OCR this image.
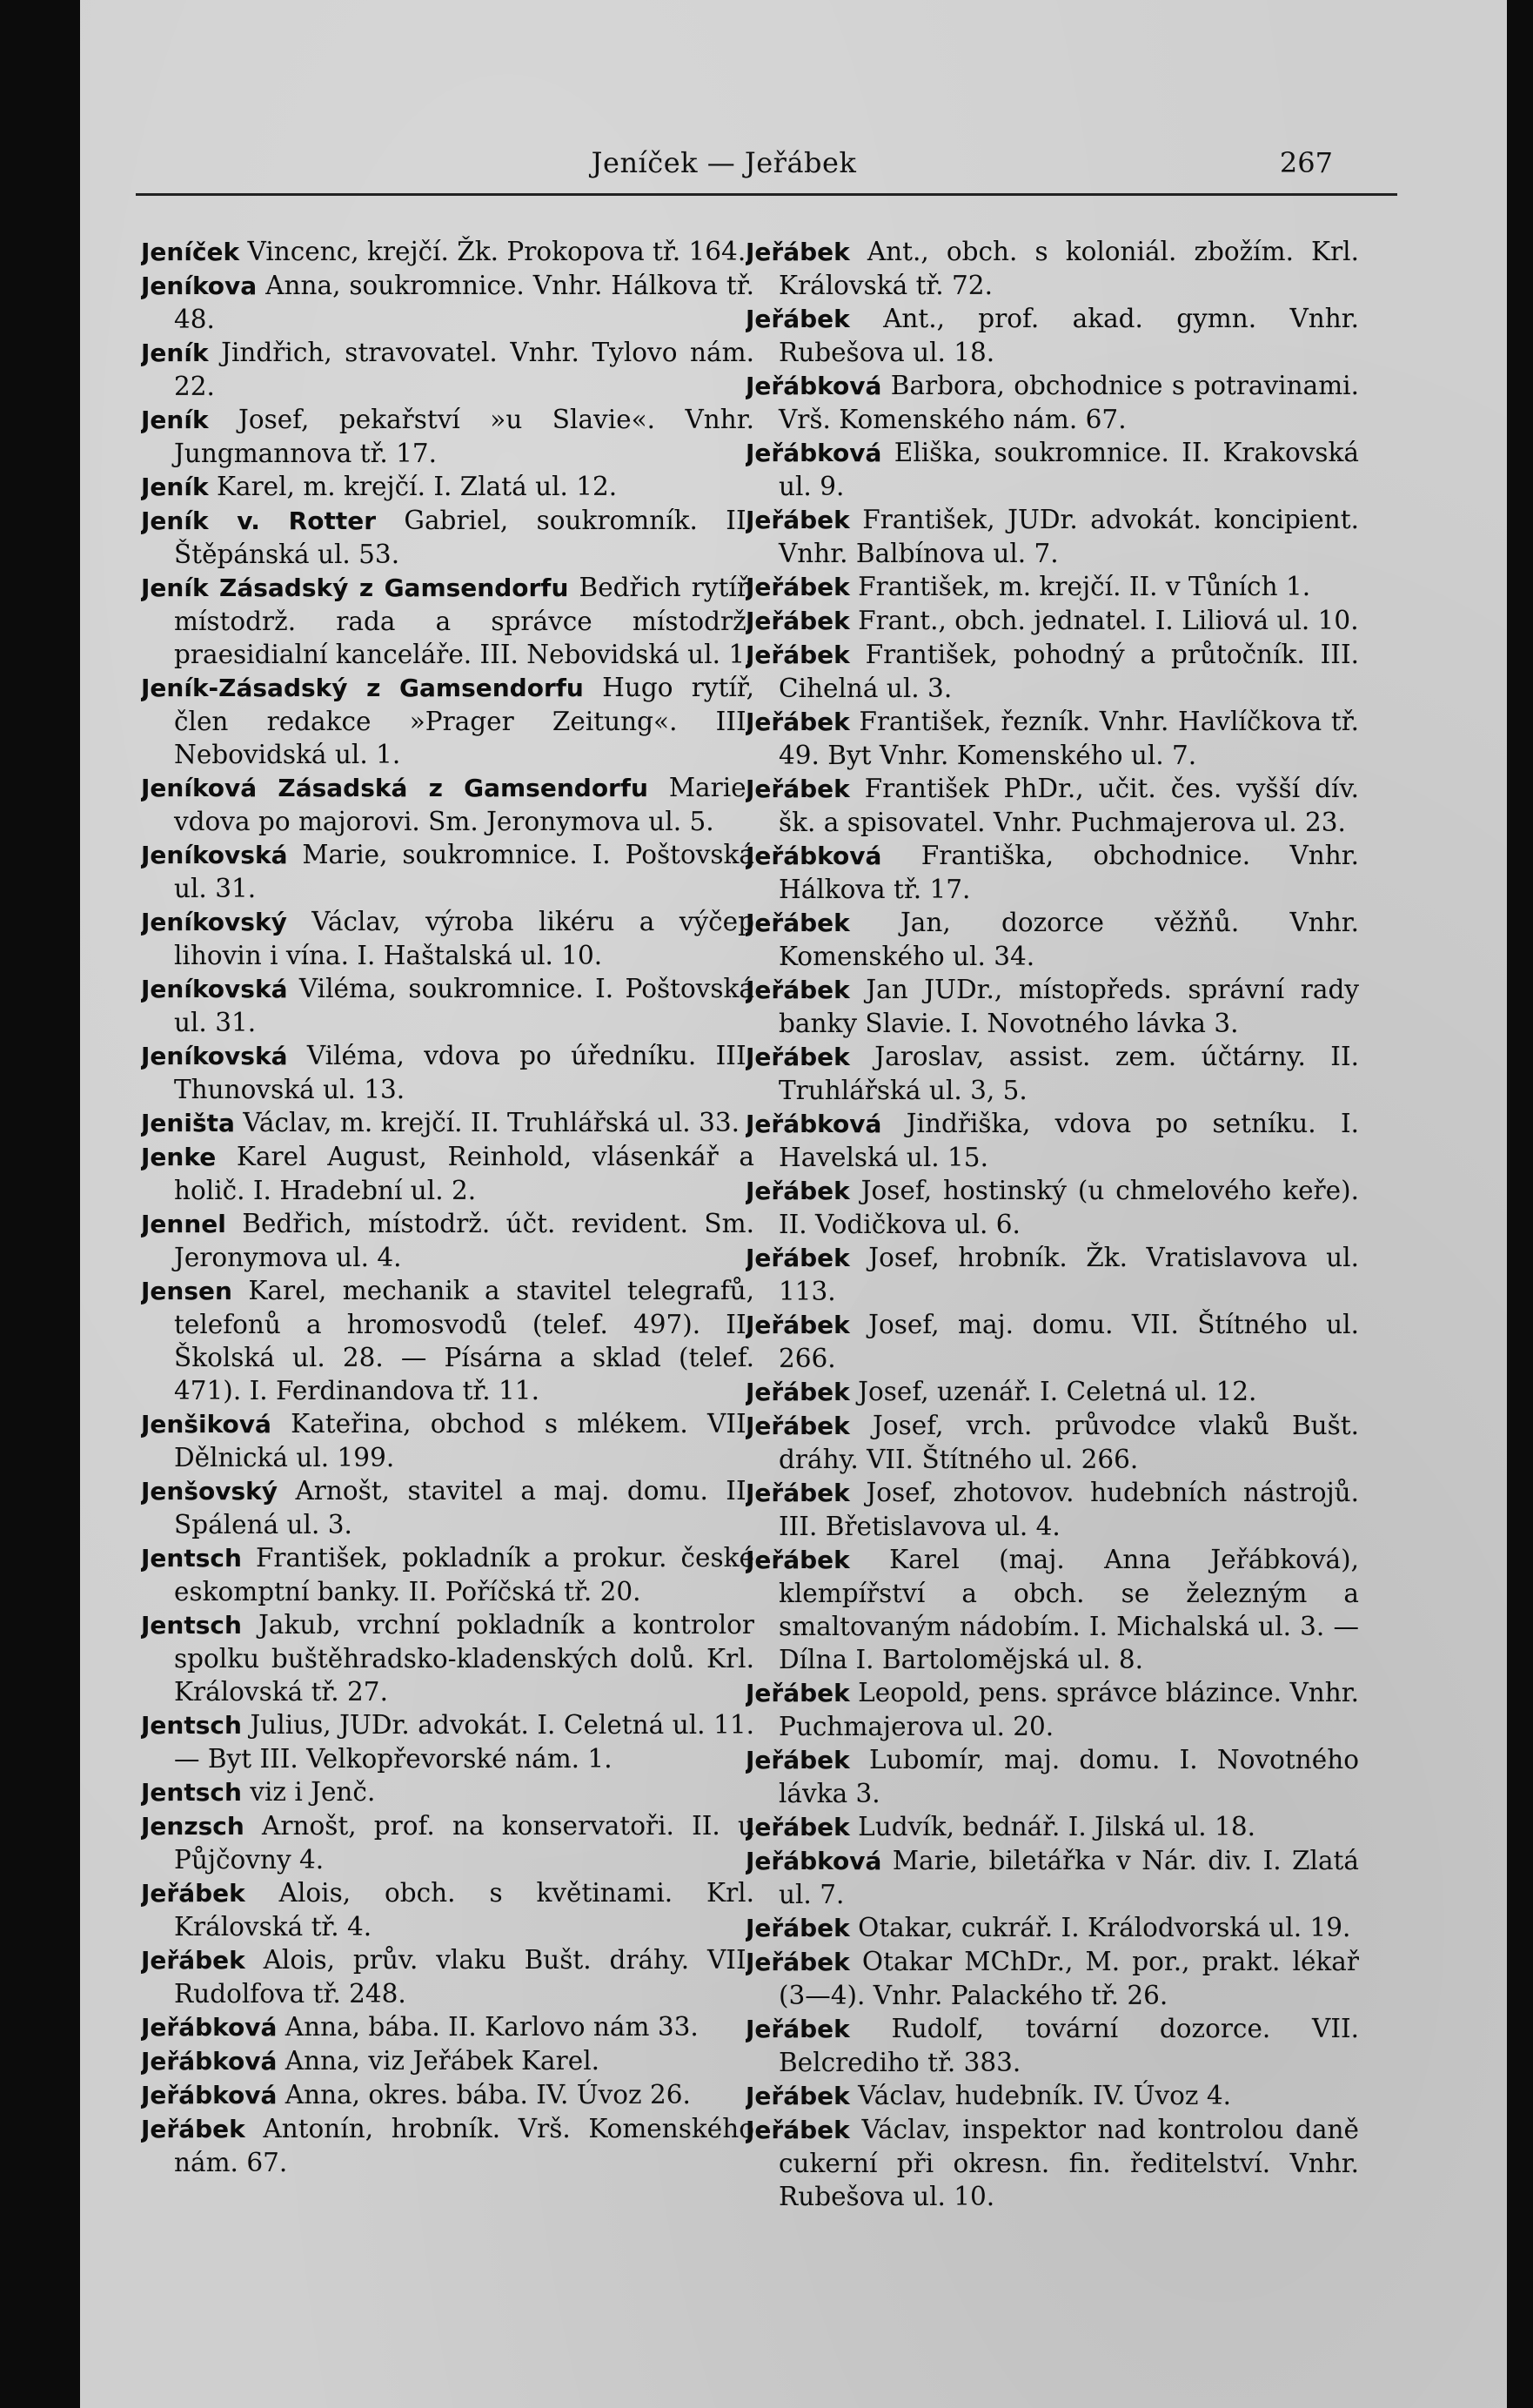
Jeníček — Jeřábek	267

Jeníček Vincenc, krejčí. Žk. Prokopova tř. 164.

Jeníkova Anna, soukromnice. Vnhr. Hálkova tř. 48.

Jeník Jindřich, stravovatel. Vnhr. Tylovo nám. 22.

Jeník Josef, pekařství »u Slavie«. Vnhr. Jungmannova tř. 17.

Jeník Karel, m. krejčí. I. Zlatá ul. 12.

Jeník v. Rotter Gabriel, soukromník. II. Štěpánská ul. 53.

Jeník Zásadský z Gamsendorfu Bedřich rytíř, místodrž. rada a správce místodrž. praesidialní kanceláře. III. Nebovidská ul. 1.

Jeník-Zásadský z Gamsendorfu Hugo rytíř, člen redakce »Prager Zeitung«. III. Nebovidská ul. 1.

Jeníková Zásadská z Gamsendorfu Marie, vdova po majorovi. Sm. Jeronymova ul. 5.

Jeníkovská Marie, soukromnice. I. Poštovská ul. 31.

Jeníkovský Václav, výroba likéru a výčep lihovin i vína. I. Haštalská ul. 10.

Jeníkovská Viléma, soukromnice. I. Poštovská ul. 31.

Jeníkovská Viléma, vdova po úředníku. III. Thunovská ul. 13.

Jeništa Václav, m. krejčí. II. Truhlářská ul. 33.

Jenke Karel August, Reinhold, vlásenkář a holič. I. Hradební ul. 2.

Jennel Bedřich, místodrž. účt. revident. Sm. Jeronymova ul. 4.

Jensen Karel, mechanik a stavitel telegrafů, telefonů a hromosvodů (telef. 497). II. Školská ul. 28. — Písárna a sklad (telef. 471). I. Ferdinandova tř. 11.

Jenšiková Kateřina, obchod s mlékem. VII. Dělnická ul. 199.

Jenšovský Arnošt, stavitel a maj. domu. II. Spálená ul. 3.

Jentsch František, pokladník a prokur. české eskomptní banky. II. Poříčská tř. 20.

Jentsch Jakub, vrchní pokladník a kontrolor spolku buštěhradsko-kladenských dolů. Krl. Královská tř. 27.

Jentsch Julius, JUDr. advokát. I. Celetná ul. 11. — Byt III. Velkopřevorské nám. 1.

Jentsch viz i Jenč.

Jenzsch Arnošt, prof. na konservatoři. II. u Půjčovny 4.

Jeřábek Alois, obch. s květinami. Krl. Královská tř. 4.

Jeřábek Alois, prův. vlaku Bušt. dráhy. VII. Rudolfova tř. 248.

Jeřábková Anna, bába. II. Karlovo nám 33.

Jeřábková Anna, viz Jeřábek Karel.

Jeřábková Anna, okres. bába. IV. Úvoz 26.

Jeřábek Antonín, hrobník. Vrš. Komenského nám. 67.

Jeřábek Ant., obch. s koloniál. zbožím. Krl. Královská tř. 72.

Jeřábek Ant., prof. akad. gymn. Vnhr. Rubešova ul. 18.

Jeřábková Barbora, obchodnice s potravinami. Vrš. Komenského nám. 67.

Jeřábková Eliška, soukromnice. II. Krakovská ul. 9.

Jeřábek František, JUDr. advokát. koncipient. Vnhr. Balbínova ul. 7.

Jeřábek František, m. krejčí. II. v Tůních 1.

Jeřábek Frant., obch. jednatel. I. Liliová ul. 10.

Jeřábek František, pohodný a průtočník. III. Cihelná ul. 3.

Jeřábek František, řezník. Vnhr. Havlíčkova tř. 49. Byt Vnhr. Komenského ul. 7.

Jeřábek František PhDr., učit. čes. vyšší dív. šk. a spisovatel. Vnhr. Puchmajerova ul. 23.

Jeřábková Františka, obchodnice. Vnhr. Hálkova tř. 17.

Jeřábek Jan, dozorce věžňů. Vnhr. Komenského ul. 34.

Jeřábek Jan JUDr., místopředs. správní rady banky Slavie. I. Novotného lávka 3.

Jeřábek Jaroslav, assist. zem. účtárny. II. Truhlářská ul. 3, 5.

Jeřábková Jindřiška, vdova po setníku. I. Havelská ul. 15.

Jeřábek Josef, hostinský (u chmelového keře). II. Vodičkova ul. 6.

Jeřábek Josef, hrobník. Žk. Vratislavova ul. 113.

Jeřábek Josef, maj. domu. VII. Štítného ul. 266.

Jeřábek Josef, uzenář. I. Celetná ul. 12.

Jeřábek Josef, vrch. průvodce vlaků Bušt. dráhy. VII. Štítného ul. 266.

Jeřábek Josef, zhotovov. hudebních nástrojů. III. Břetislavova ul. 4.

Jeřábek Karel (maj. Anna Jeřábková), klempířství a obch. se železným a smaltovaným nádobím. I. Michalská ul. 3. — Dílna I. Bartolomějská ul. 8.

Jeřábek Leopold, pens. správce blázince. Vnhr. Puchmajerova ul. 20.

Jeřábek Lubomír, maj. domu. I. Novotného lávka 3.

Jeřábek Ludvík, bednář. I. Jilská ul. 18.

Jeřábková Marie, biletářka v Nár. div. I. Zlatá ul. 7.

Jeřábek Otakar, cukrář. I. Králodvorská ul. 19.

Jeřábek Otakar MChDr., M. por., prakt. lékař (3—4). Vnhr. Palackého tř. 26.

Jeřábek Rudolf, tovární dozorce. VII. Belcrediho tř. 383.

Jeřábek Václav, hudebník. IV. Úvoz 4.

Jeřábek Václav, inspektor nad kontrolou daně cukerní při okresn. fin. ředitelství. Vnhr. Rubešova ul. 10.
